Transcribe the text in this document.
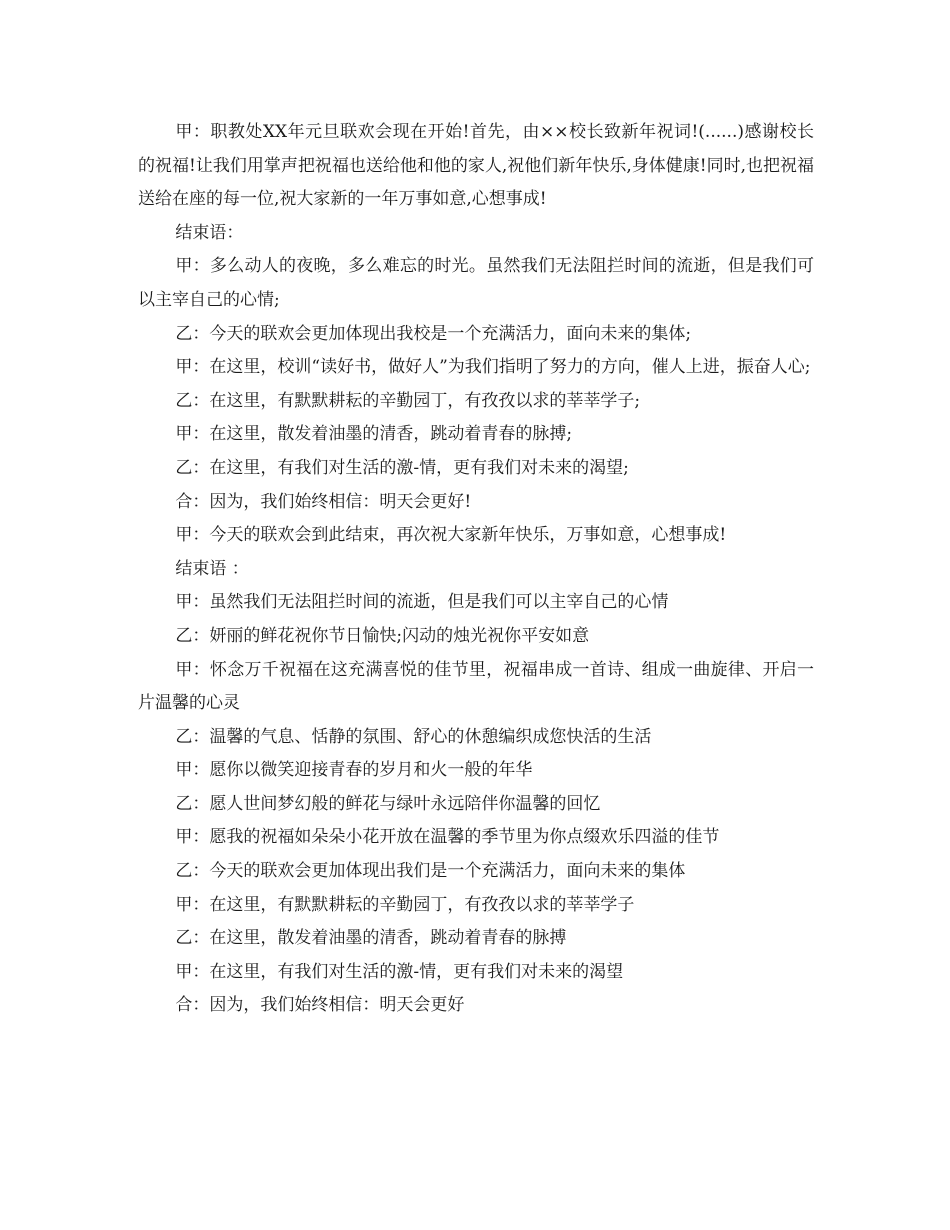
甲：职教处XX年元旦联欢会现在开始!首先，由××校长致新年祝词!(......)感谢校长的祝福!让我们用掌声把祝福也送给他和他的家人,祝他们新年快乐,身体健康!同时,也把祝福送给在座的每一位,祝大家新的一年万事如意,心想事成!

结束语：

甲：多么动人的夜晚，多么难忘的时光。虽然我们无法阻拦时间的流逝，但是我们可以主宰自己的心情;

乙：今天的联欢会更加体现出我校是一个充满活力，面向未来的集体;

甲：在这里，校训“读好书，做好人”为我们指明了努力的方向，催人上进，振奋人心;

乙：在这里，有默默耕耘的辛勤园丁，有孜孜以求的莘莘学子;

甲：在这里，散发着油墨的清香，跳动着青春的脉搏;

乙：在这里，有我们对生活的激-情，更有我们对未来的渴望;

合：因为，我们始终相信：明天会更好!

甲：今天的联欢会到此结束，再次祝大家新年快乐，万事如意，心想事成!

结束语 ：

甲：虽然我们无法阻拦时间的流逝，但是我们可以主宰自己的心情

乙：妍丽的鲜花祝你节日愉快;闪动的烛光祝你平安如意

甲：怀念万千祝福在这充满喜悦的佳节里，祝福串成一首诗、组成一曲旋律、开启一片温馨的心灵

乙：温馨的气息、恬静的氛围、舒心的休憩编织成您快活的生活

甲：愿你以微笑迎接青春的岁月和火一般的年华

乙：愿人世间梦幻般的鲜花与绿叶永远陪伴你温馨的回忆

甲：愿我的祝福如朵朵小花开放在温馨的季节里为你点缀欢乐四溢的佳节

乙：今天的联欢会更加体现出我们是一个充满活力，面向未来的集体

甲：在这里，有默默耕耘的辛勤园丁，有孜孜以求的莘莘学子

乙：在这里，散发着油墨的清香，跳动着青春的脉搏

甲：在这里，有我们对生活的激-情，更有我们对未来的渴望

合：因为，我们始终相信：明天会更好
